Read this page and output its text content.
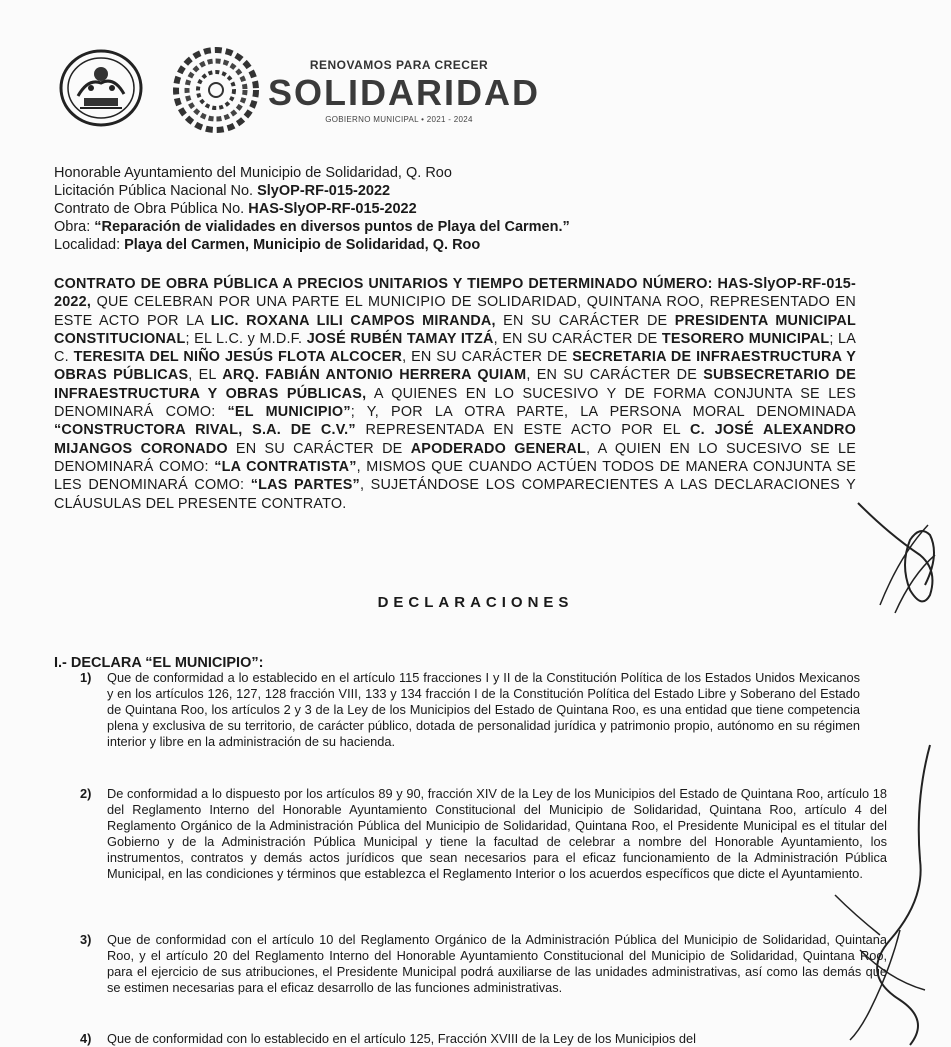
RENOVAMOS PARA CRECER
SOLIDARIDAD
GOBIERNO MUNICIPAL • 2021 - 2024
Honorable Ayuntamiento del Municipio de Solidaridad, Q. Roo
Licitación Pública Nacional No. SlyOP-RF-015-2022
Contrato de Obra Pública No. HAS-SlyOP-RF-015-2022
Obra: “Reparación de vialidades en diversos puntos de Playa del Carmen.”
Localidad: Playa del Carmen, Municipio de Solidaridad, Q. Roo
CONTRATO DE OBRA PÚBLICA A PRECIOS UNITARIOS Y TIEMPO DETERMINADO NÚMERO: HAS-SlyOP-RF-015-2022, QUE CELEBRAN POR UNA PARTE EL MUNICIPIO DE SOLIDARIDAD, QUINTANA ROO, REPRESENTADO EN ESTE ACTO POR LA LIC. ROXANA LILI CAMPOS MIRANDA, EN SU CARÁCTER DE PRESIDENTA MUNICIPAL CONSTITUCIONAL; EL L.C. y M.D.F. JOSÉ RUBÉN TAMAY ITZÁ, EN SU CARÁCTER DE TESORERO MUNICIPAL; LA C. TERESITA DEL NIÑO JESÚS FLOTA ALCOCER, EN SU CARÁCTER DE SECRETARIA DE INFRAESTRUCTURA Y OBRAS PÚBLICAS, EL ARQ. FABIÁN ANTONIO HERRERA QUIAM, EN SU CARÁCTER DE SUBSECRETARIO DE INFRAESTRUCTURA Y OBRAS PÚBLICAS, A QUIENES EN LO SUCESIVO Y DE FORMA CONJUNTA SE LES DENOMINARÁ COMO: “EL MUNICIPIO”; Y, POR LA OTRA PARTE, LA PERSONA MORAL DENOMINADA “CONSTRUCTORA RIVAL, S.A. DE C.V.” REPRESENTADA EN ESTE ACTO POR EL C. JOSÉ ALEXANDRO MIJANGOS CORONADO EN SU CARÁCTER DE APODERADO GENERAL, A QUIEN EN LO SUCESIVO SE LE DENOMINARÁ COMO: “LA CONTRATISTA”, MISMOS QUE CUANDO ACTÚEN TODOS DE MANERA CONJUNTA SE LES DENOMINARÁ COMO: “LAS PARTES”, SUJETÁNDOSE LOS COMPARECIENTES A LAS DECLARACIONES Y CLÁUSULAS DEL PRESENTE CONTRATO.
DECLARACIONES
I.- DECLARA “EL MUNICIPIO”:
1) Que de conformidad a lo establecido en el artículo 115 fracciones I y II de la Constitución Política de los Estados Unidos Mexicanos y en los artículos 126, 127, 128 fracción VIII, 133 y 134 fracción I de la Constitución Política del Estado Libre y Soberano del Estado de Quintana Roo, los artículos 2 y 3 de la Ley de los Municipios del Estado de Quintana Roo, es una entidad que tiene competencia plena y exclusiva de su territorio, de carácter público, dotada de personalidad jurídica y patrimonio propio, autónomo en su régimen interior y libre en la administración de su hacienda.
2) De conformidad a lo dispuesto por los artículos 89 y 90, fracción XIV de la Ley de los Municipios del Estado de Quintana Roo, artículo 18 del Reglamento Interno del Honorable Ayuntamiento Constitucional del Municipio de Solidaridad, Quintana Roo, artículo 4 del Reglamento Orgánico de la Administración Pública del Municipio de Solidaridad, Quintana Roo, el Presidente Municipal es el titular del Gobierno y de la Administración Pública Municipal y tiene la facultad de celebrar a nombre del Honorable Ayuntamiento, los instrumentos, contratos y demás actos jurídicos que sean necesarios para el eficaz funcionamiento de la Administración Pública Municipal, en las condiciones y términos que establezca el Reglamento Interior o los acuerdos específicos que dicte el Ayuntamiento.
3) Que de conformidad con el artículo 10 del Reglamento Orgánico de la Administración Pública del Municipio de Solidaridad, Quintana Roo, y el artículo 20 del Reglamento Interno del Honorable Ayuntamiento Constitucional del Municipio de Solidaridad, Quintana Roo, para el ejercicio de sus atribuciones, el Presidente Municipal podrá auxiliarse de las unidades administrativas, así como las demás que se estimen necesarias para el eficaz desarrollo de las funciones administrativas.
4) Que de conformidad con lo establecido en el artículo 125, Fracción XVIII de la Ley de los Municipios del
